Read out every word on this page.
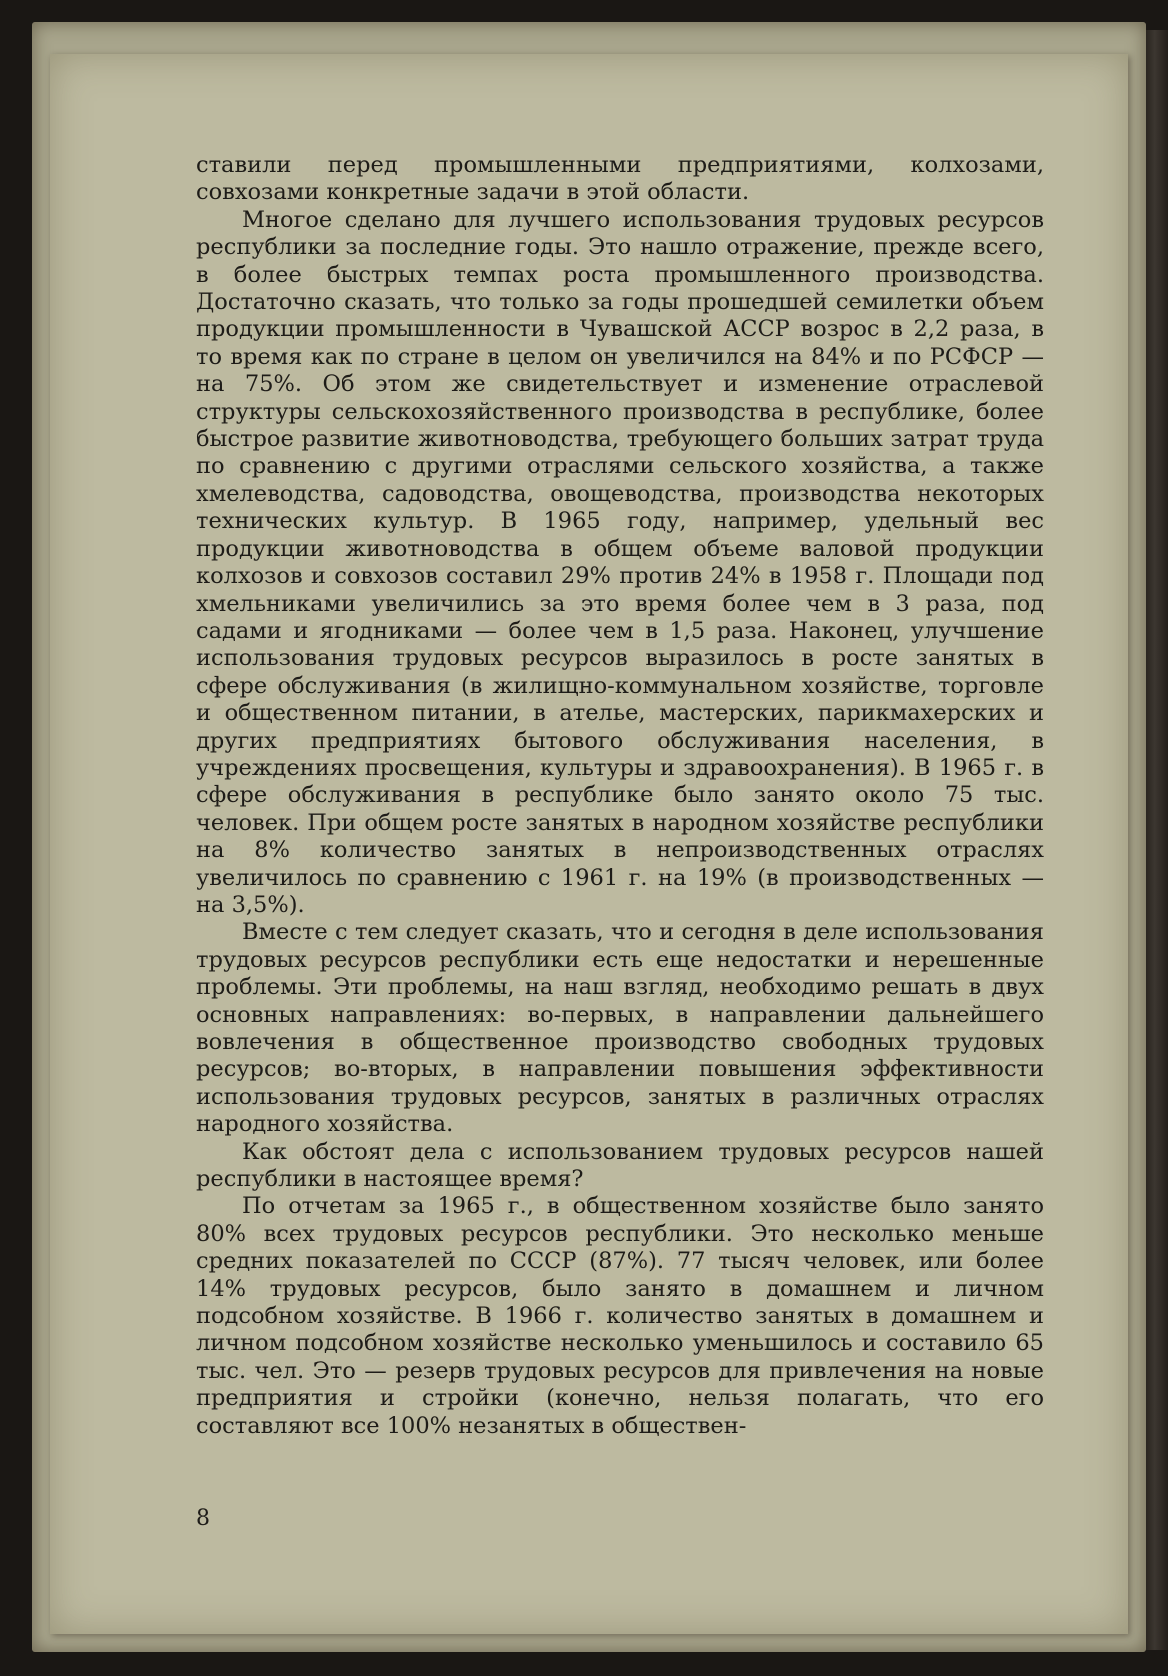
ставили перед промышленными предприятиями, колхозами, совхозами конкретные задачи в этой области.

Многое сделано для лучшего использования трудовых ресурсов республики за последние годы. Это нашло отражение, прежде всего, в более быстрых темпах роста промышленного производства. Достаточно сказать, что только за годы прошедшей семилетки объем продукции промышленности в Чувашской АССР возрос в 2,2 раза, в то время как по стране в целом он увеличился на 84% и по РСФСР — на 75%. Об этом же свидетельствует и изменение отраслевой структуры сельскохозяйственного производства в республике, более быстрое развитие животноводства, требующего больших затрат труда по сравнению с другими отраслями сельского хозяйства, а также хмелеводства, садоводства, овощеводства, производства некоторых технических культур. В 1965 году, например, удельный вес продукции животноводства в общем объеме валовой продукции колхозов и совхозов составил 29% против 24% в 1958 г. Площади под хмельниками увеличились за это время более чем в 3 раза, под садами и ягодниками — более чем в 1,5 раза. Наконец, улучшение использования трудовых ресурсов выразилось в росте занятых в сфере обслуживания (в жилищно-коммунальном хозяйстве, торговле и общественном питании, в ателье, мастерских, парикмахерских и других предприятиях бытового обслуживания населения, в учреждениях просвещения, культуры и здравоохранения). В 1965 г. в сфере обслуживания в республике было занято около 75 тыс. человек. При общем росте занятых в народном хозяйстве республики на 8% количество занятых в непроизводственных отраслях увеличилось по сравнению с 1961 г. на 19% (в производственных — на 3,5%).

Вместе с тем следует сказать, что и сегодня в деле использования трудовых ресурсов республики есть еще недостатки и нерешенные проблемы. Эти проблемы, на наш взгляд, необходимо решать в двух основных направлениях: во-первых, в направлении дальнейшего вовлечения в общественное производство свободных трудовых ресурсов; во-вторых, в направлении повышения эффективности использования трудовых ресурсов, занятых в различных отраслях народного хозяйства.

Как обстоят дела с использованием трудовых ресурсов нашей республики в настоящее время?

По отчетам за 1965 г., в общественном хозяйстве было занято 80% всех трудовых ресурсов республики. Это несколько меньше средних показателей по СССР (87%). 77 тысяч человек, или более 14% трудовых ресурсов, было занято в домашнем и личном подсобном хозяйстве. В 1966 г. количество занятых в домашнем и личном подсобном хозяйстве несколько уменьшилось и составило 65 тыс. чел. Это — резерв трудовых ресурсов для привлечения на новые предприятия и стройки (конечно, нельзя полагать, что его составляют все 100% незанятых в обществен-

8
